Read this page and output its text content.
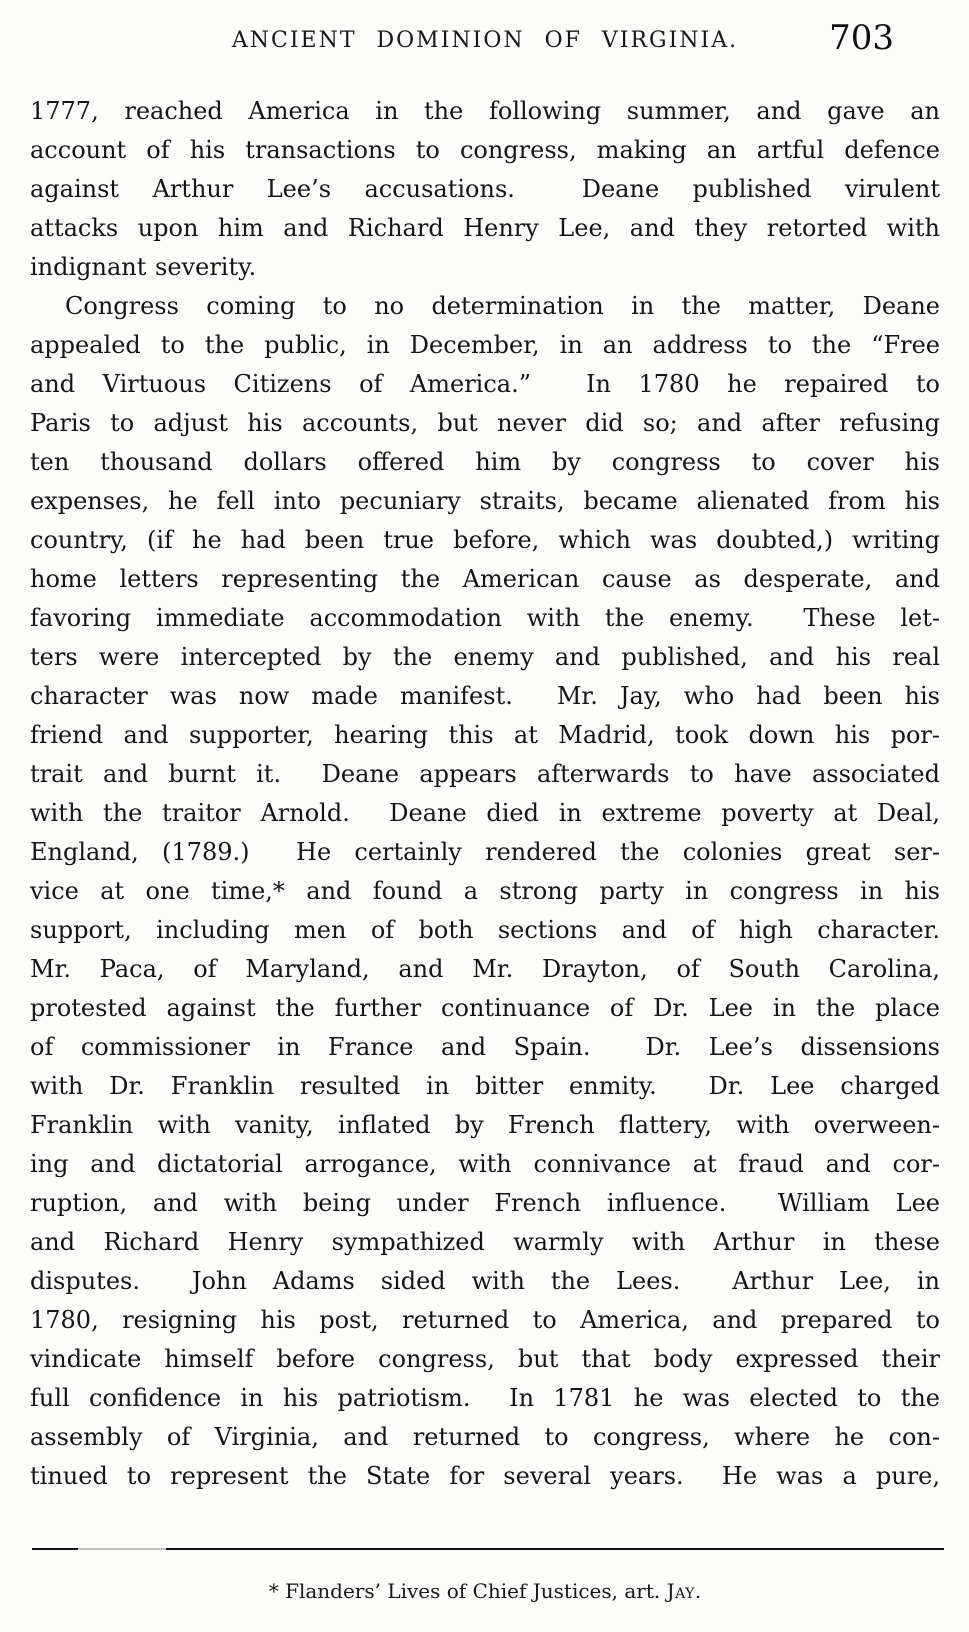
ANCIENT DOMINION OF VIRGINIA.	703
1777, reached America in the following summer, and gave an
account of his transactions to congress, making an artful defence
against Arthur Lee’s accusations.  Deane published virulent
attacks upon him and Richard Henry Lee, and they retorted with
indignant severity.
Congress coming to no determination in the matter, Deane
appealed to the public, in December, in an address to the “Free
and Virtuous Citizens of America.”  In 1780 he repaired to
Paris to adjust his accounts, but never did so; and after refusing
ten thousand dollars offered him by congress to cover his
expenses, he fell into pecuniary straits, became alienated from his
country, (if he had been true before, which was doubted,) writing
home letters representing the American cause as desperate, and
favoring immediate accommodation with the enemy.  These let-
ters were intercepted by the enemy and published, and his real
character was now made manifest.  Mr. Jay, who had been his
friend and supporter, hearing this at Madrid, took down his por-
trait and burnt it.  Deane appears afterwards to have associated
with the traitor Arnold.  Deane died in extreme poverty at Deal,
England, (1789.)  He certainly rendered the colonies great ser-
vice at one time,* and found a strong party in congress in his
support, including men of both sections and of high character.
Mr. Paca, of Maryland, and Mr. Drayton, of South Carolina,
protested against the further continuance of Dr. Lee in the place
of commissioner in France and Spain.  Dr. Lee’s dissensions
with Dr. Franklin resulted in bitter enmity.  Dr. Lee charged
Franklin with vanity, inflated by French flattery, with overween-
ing and dictatorial arrogance, with connivance at fraud and cor-
ruption, and with being under French influence.  William Lee
and Richard Henry sympathized warmly with Arthur in these
disputes.  John Adams sided with the Lees.  Arthur Lee, in
1780, resigning his post, returned to America, and prepared to
vindicate himself before congress, but that body expressed their
full confidence in his patriotism.  In 1781 he was elected to the
assembly of Virginia, and returned to congress, where he con-
tinued to represent the State for several years.  He was a pure,
* Flanders’ Lives of Chief Justices, art. Jay.
